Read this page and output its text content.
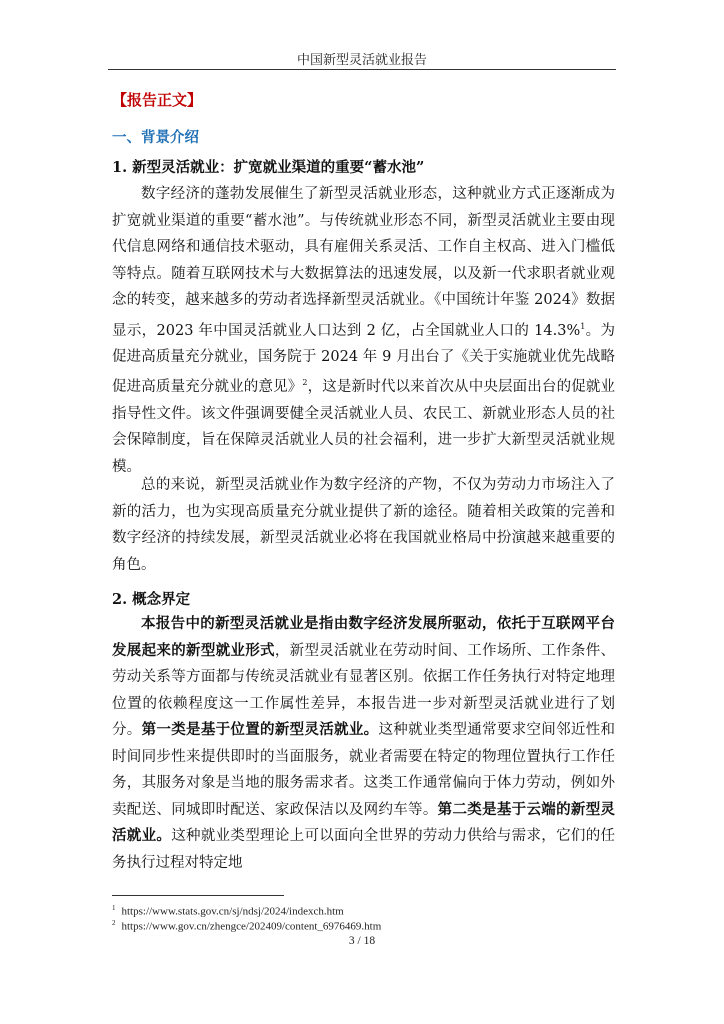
中国新型灵活就业报告
【报告正文】
一、背景介绍
1. 新型灵活就业：扩宽就业渠道的重要“蓄水池”

数字经济的蓬勃发展催生了新型灵活就业形态，这种就业方式正逐渐成为扩宽就业渠道的重要“蓄水池”。与传统就业形态不同，新型灵活就业主要由现代信息网络和通信技术驱动，具有雇佣关系灵活、工作自主权高、进入门槛低等特点。随着互联网技术与大数据算法的迅速发展，以及新一代求职者就业观念的转变，越来越多的劳动者选择新型灵活就业。《中国统计年鉴 2024》数据显示，2023 年中国灵活就业人口达到 2 亿，占全国就业人口的 14.3%$^1$。为促进高质量充分就业，国务院于 2024 年 9 月出台了《关于实施就业优先战略促进高质量充分就业的意见》$^2$，这是新时代以来首次从中央层面出台的促就业指导性文件。该文件强调要健全灵活就业人员、农民工、新就业形态人员的社会保障制度，旨在保障灵活就业人员的社会福利，进一步扩大新型灵活就业规模。

总的来说，新型灵活就业作为数字经济的产物，不仅为劳动力市场注入了新的活力，也为实现高质量充分就业提供了新的途径。随着相关政策的完善和数字经济的持续发展，新型灵活就业必将在我国就业格局中扮演越来越重要的角色。

2. 概念界定

本报告中的新型灵活就业是指由数字经济发展所驱动，依托于互联网平台发展起来的新型就业形式，新型灵活就业在劳动时间、工作场所、工作条件、劳动关系等方面都与传统灵活就业有显著区别。依据工作任务执行对特定地理位置的依赖程度这一工作属性差异，本报告进一步对新型灵活就业进行了划分。第一类是基于位置的新型灵活就业。这种就业类型通常要求空间邻近性和时间同步性来提供即时的当面服务，就业者需要在特定的物理位置执行工作任务，其服务对象是当地的服务需求者。这类工作通常偏向于体力劳动，例如外卖配送、同城即时配送、家政保洁以及网约车等。第二类是基于云端的新型灵活就业。这种就业类型理论上可以面向全世界的劳动力供给与需求，它们的任务执行过程对特定地

$^1$ https://www.stats.gov.cn/sj/ndsj/2024/indexch.htm
$^2$ https://www.gov.cn/zhengce/202409/content_6976469.htm
3 / 18
